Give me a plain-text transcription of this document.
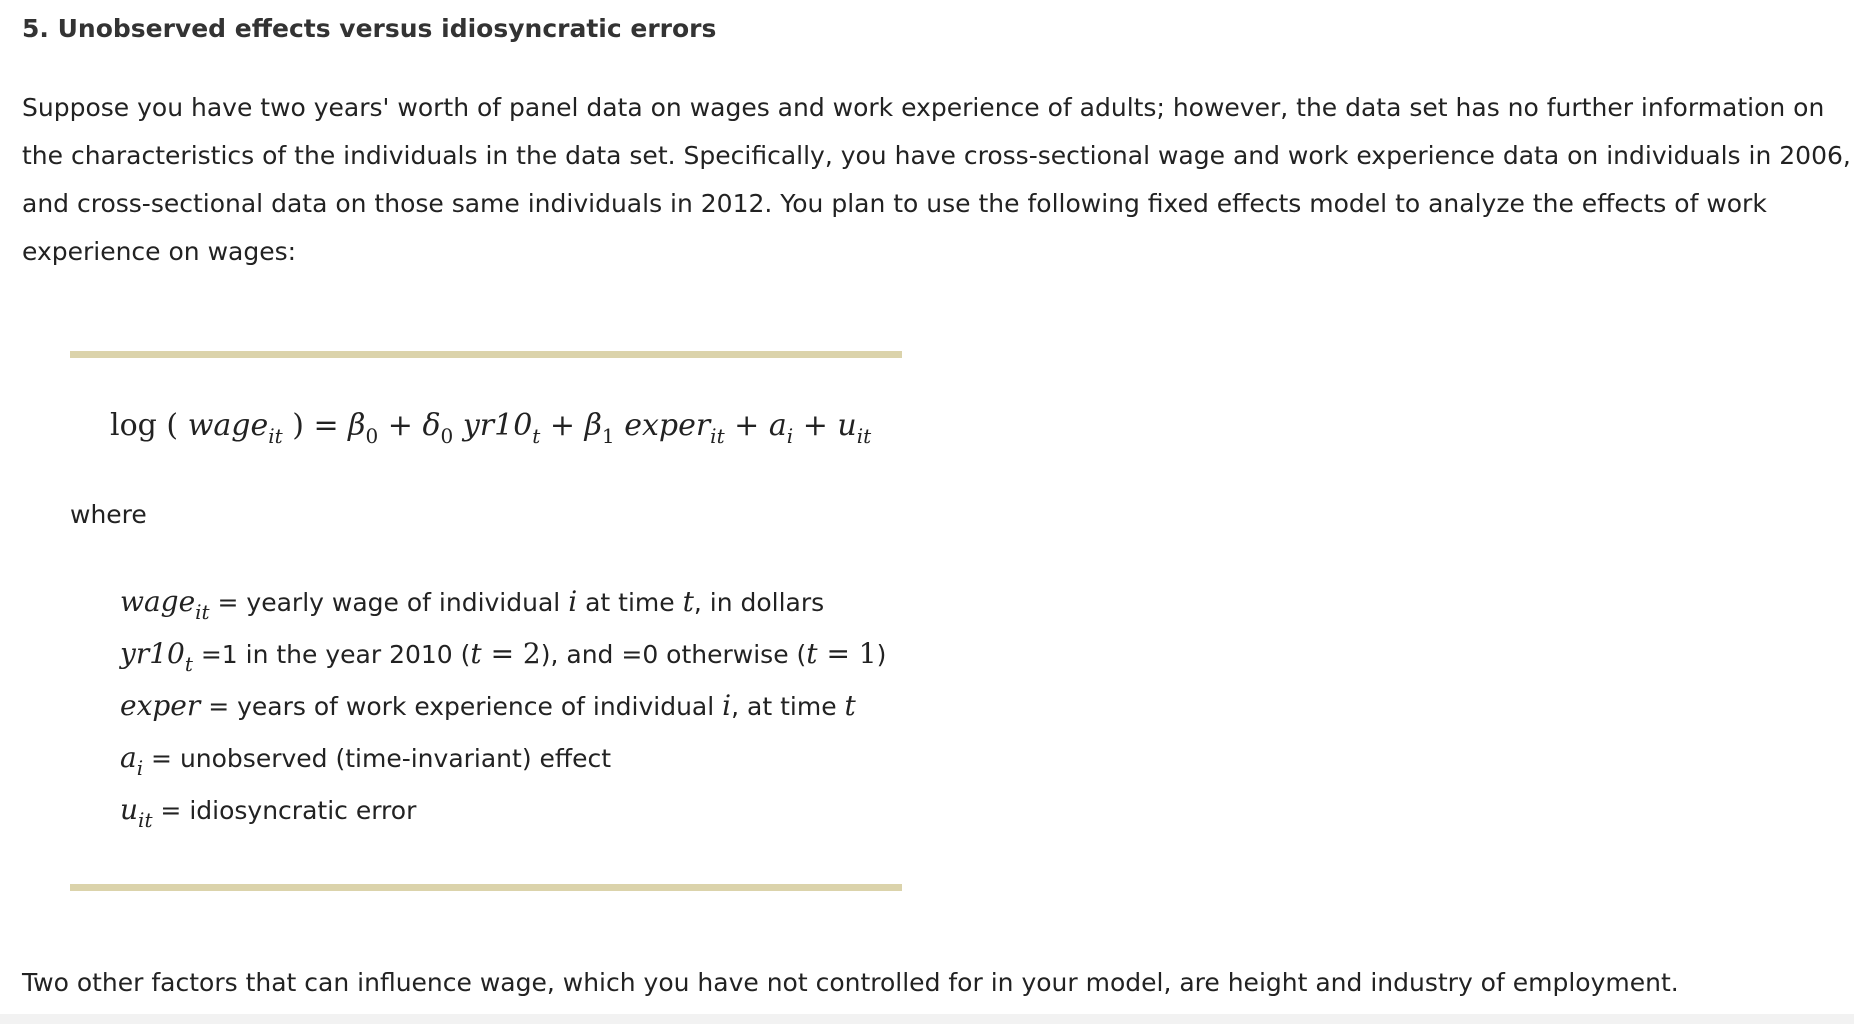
5. Unobserved effects versus idiosyncratic errors
Suppose you have two years' worth of panel data on wages and work experience of adults; however, the data set has no further information on the characteristics of the individuals in the data set. Specifically, you have cross-sectional wage and work experience data on individuals in 2006, and cross-sectional data on those same individuals in 2012. You plan to use the following fixed effects model to analyze the effects of work experience on wages:
log ( wage$_{it}$ ) = $\beta_0 + \delta_0$ $yr10_t + \beta_1$ exper$_{it}$ + $a_i + u_{it}$
where
wage$_{it}$ = yearly wage of individual i at time t, in dollars
$yr10_t =1$ in the year 2010 (t = 2), and =0 otherwise (t = 1)
exper = years of work experience of individual i, at time t
$a_i$ = unobserved (time-invariant) effect
$u_{it}$ = idiosyncratic error
Two other factors that can influence wage, which you have not controlled for in your model, are height and industry of employment.
